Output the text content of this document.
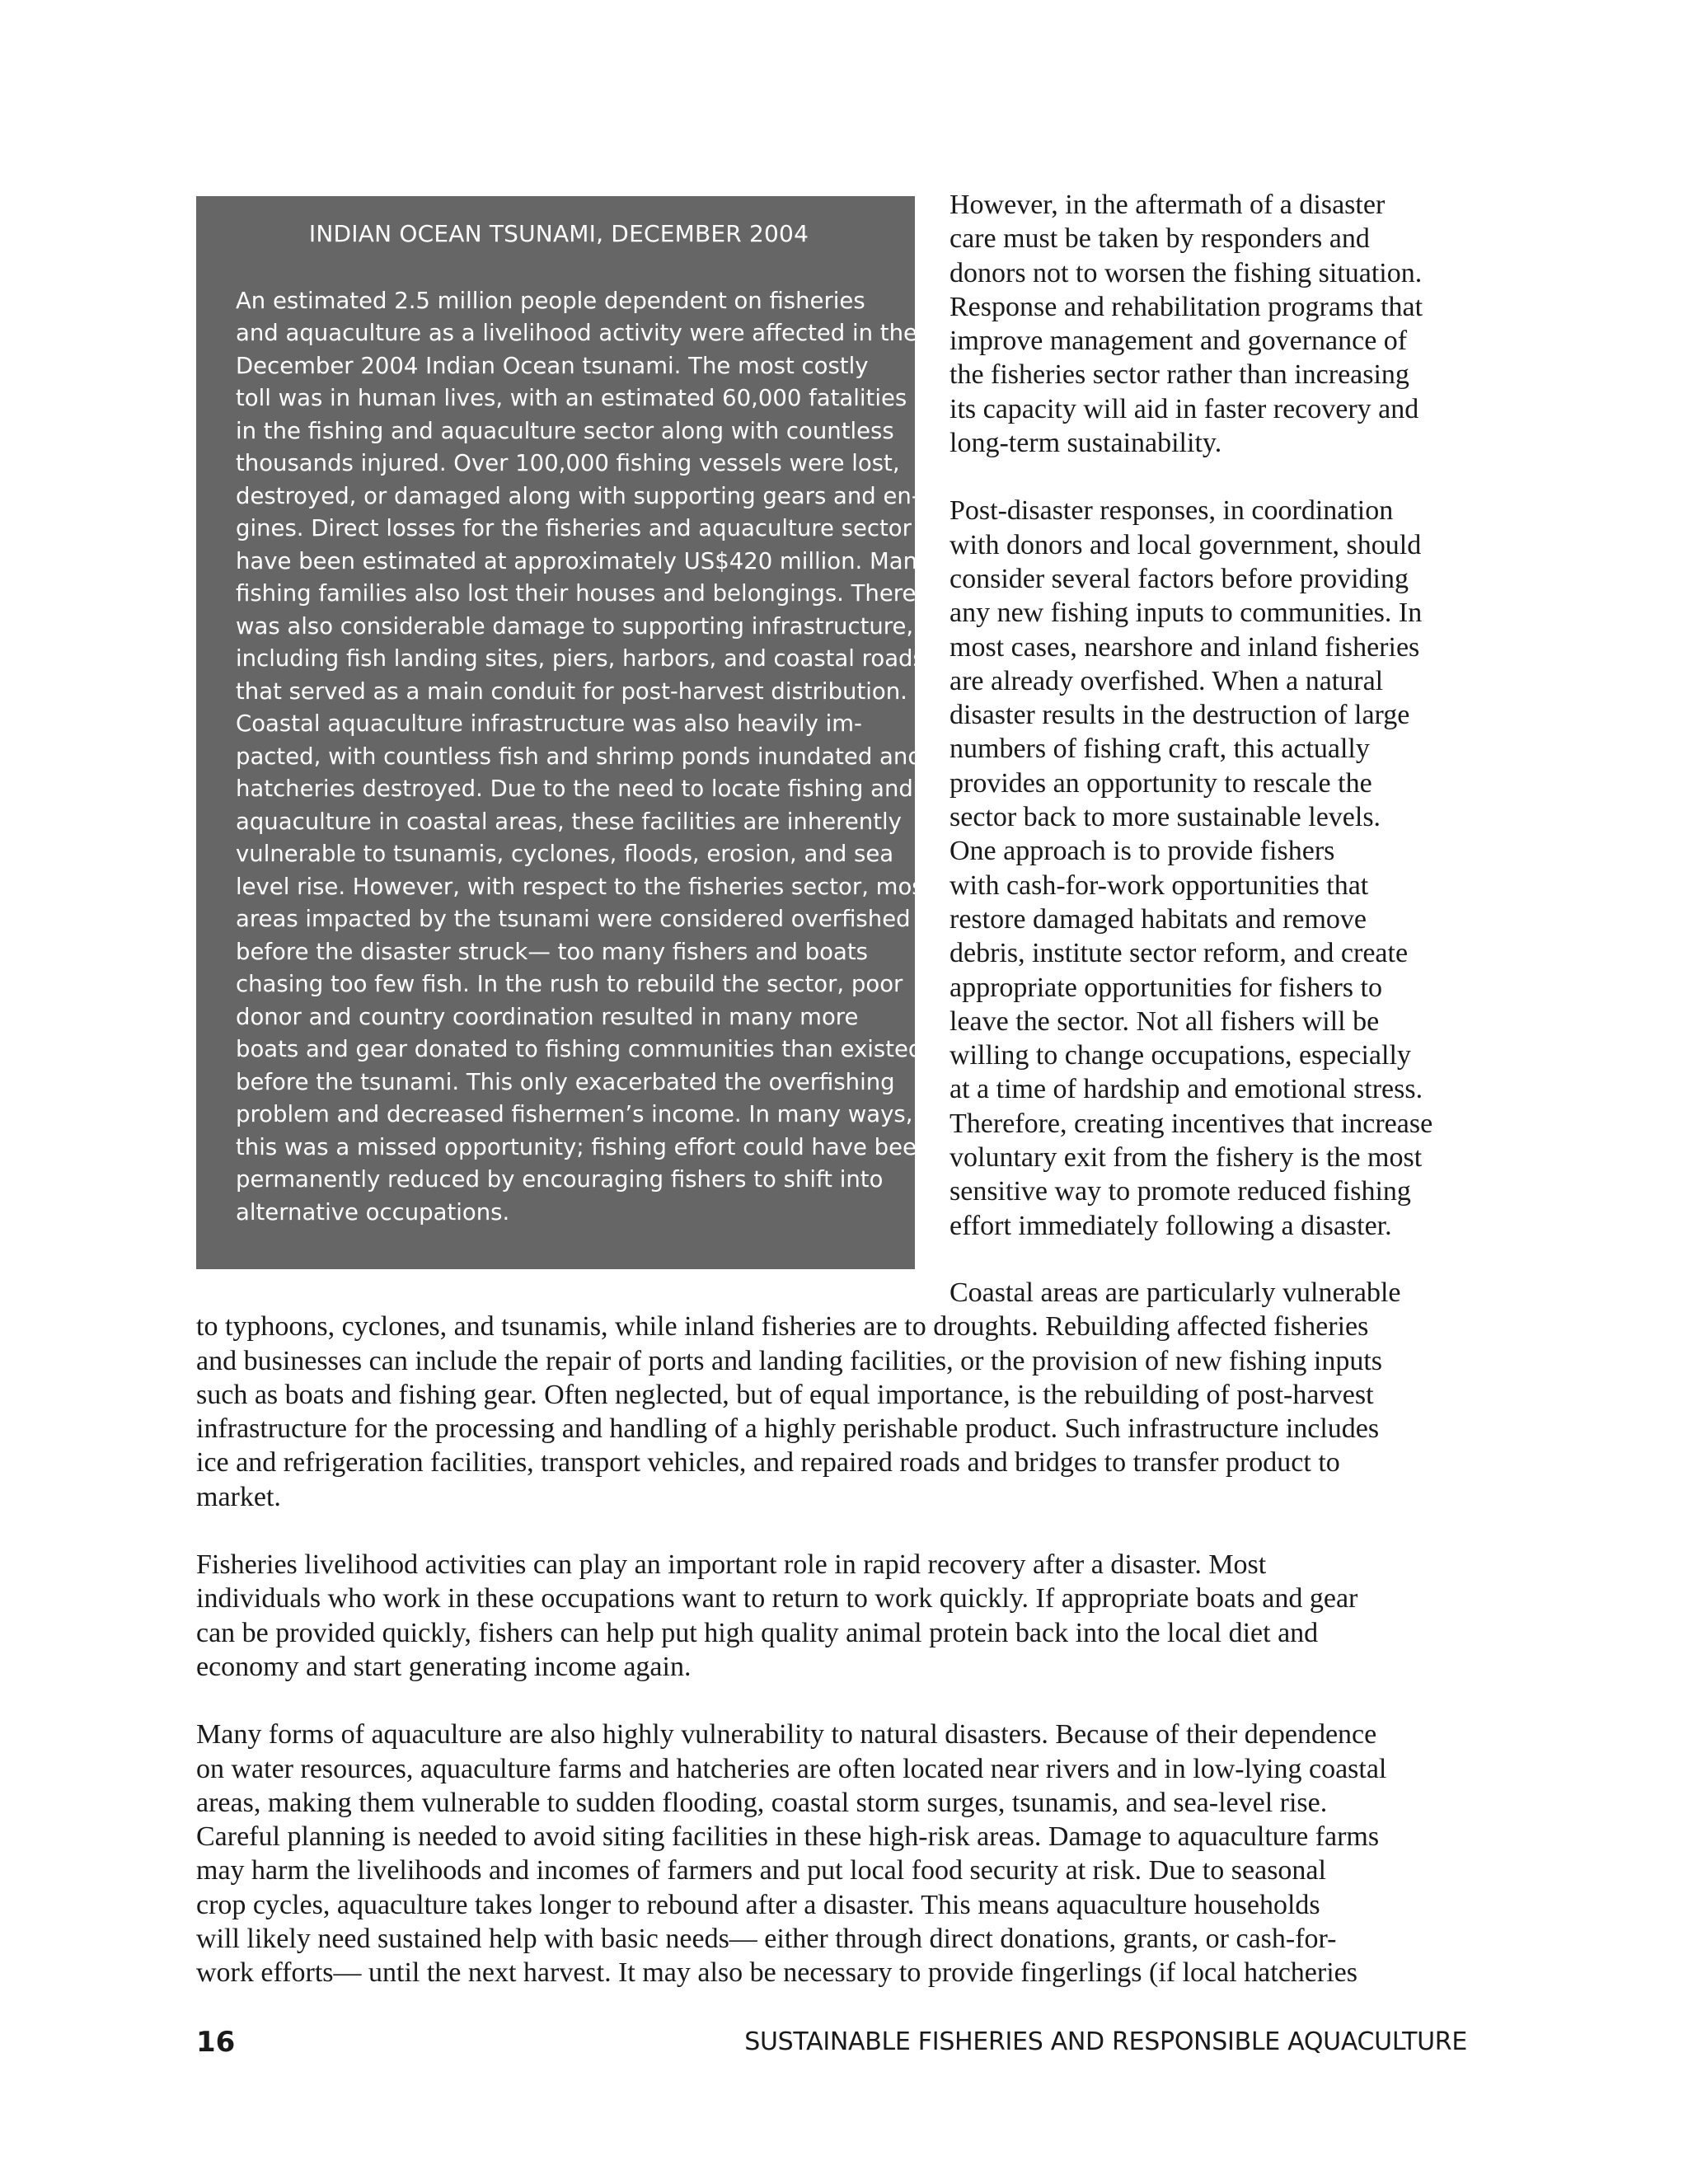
INDIAN OCEAN TSUNAMI, DECEMBER 2004
An estimated 2.5 million people dependent on fisheries
and aquaculture as a livelihood activity were affected in the
December 2004 Indian Ocean tsunami. The most costly
toll was in human lives, with an estimated 60,000 fatalities
in the fishing and aquaculture sector along with countless
thousands injured. Over 100,000 fishing vessels were lost,
destroyed, or damaged along with supporting gears and en-
gines. Direct losses for the fisheries and aquaculture sector
have been estimated at approximately US$420 million. Many
fishing families also lost their houses and belongings. There
was also considerable damage to supporting infrastructure,
including fish landing sites, piers, harbors, and coastal roads
that served as a main conduit for post-harvest distribution.
Coastal aquaculture infrastructure was also heavily im-
pacted, with countless fish and shrimp ponds inundated and
hatcheries destroyed. Due to the need to locate fishing and
aquaculture in coastal areas, these facilities are inherently
vulnerable to tsunamis, cyclones, floods, erosion, and sea
level rise. However, with respect to the fisheries sector, most
areas impacted by the tsunami were considered overfished
before the disaster struck— too many fishers and boats
chasing too few fish. In the rush to rebuild the sector, poor
donor and country coordination resulted in many more
boats and gear donated to fishing communities than existed
before the tsunami. This only exacerbated the overfishing
problem and decreased fishermen’s income. In many ways,
this was a missed opportunity; fishing effort could have been
permanently reduced by encouraging fishers to shift into
alternative occupations.

However, in the aftermath of a disaster
care must be taken by responders and
donors not to worsen the fishing situation.
Response and rehabilitation programs that
improve management and governance of
the fisheries sector rather than increasing
its capacity will aid in faster recovery and
long-term sustainability.

Post-disaster responses, in coordination
with donors and local government, should
consider several factors before providing
any new fishing inputs to communities. In
most cases, nearshore and inland fisheries
are already overfished. When a natural
disaster results in the destruction of large
numbers of fishing craft, this actually
provides an opportunity to rescale the
sector back to more sustainable levels.
One approach is to provide fishers
with cash-for-work opportunities that
restore damaged habitats and remove
debris, institute sector reform, and create
appropriate opportunities for fishers to
leave the sector. Not all fishers will be
willing to change occupations, especially
at a time of hardship and emotional stress.
Therefore, creating incentives that increase
voluntary exit from the fishery is the most
sensitive way to promote reduced fishing
effort immediately following a disaster.

Coastal areas are particularly vulnerable
to typhoons, cyclones, and tsunamis, while inland fisheries are to droughts. Rebuilding affected fisheries
and businesses can include the repair of ports and landing facilities, or the provision of new fishing inputs
such as boats and fishing gear. Often neglected, but of equal importance, is the rebuilding of post-harvest
infrastructure for the processing and handling of a highly perishable product. Such infrastructure includes
ice and refrigeration facilities, transport vehicles, and repaired roads and bridges to transfer product to
market.

Fisheries livelihood activities can play an important role in rapid recovery after a disaster. Most
individuals who work in these occupations want to return to work quickly. If appropriate boats and gear
can be provided quickly, fishers can help put high quality animal protein back into the local diet and
economy and start generating income again.

Many forms of aquaculture are also highly vulnerability to natural disasters. Because of their dependence
on water resources, aquaculture farms and hatcheries are often located near rivers and in low-lying coastal
areas, making them vulnerable to sudden flooding, coastal storm surges, tsunamis, and sea-level rise.
Careful planning is needed to avoid siting facilities in these high-risk areas. Damage to aquaculture farms
may harm the livelihoods and incomes of farmers and put local food security at risk. Due to seasonal
crop cycles, aquaculture takes longer to rebound after a disaster. This means aquaculture households
will likely need sustained help with basic needs— either through direct donations, grants, or cash-for-
work efforts— until the next harvest. It may also be necessary to provide fingerlings (if local hatcheries

16	SUSTAINABLE FISHERIES AND RESPONSIBLE AQUACULTURE
